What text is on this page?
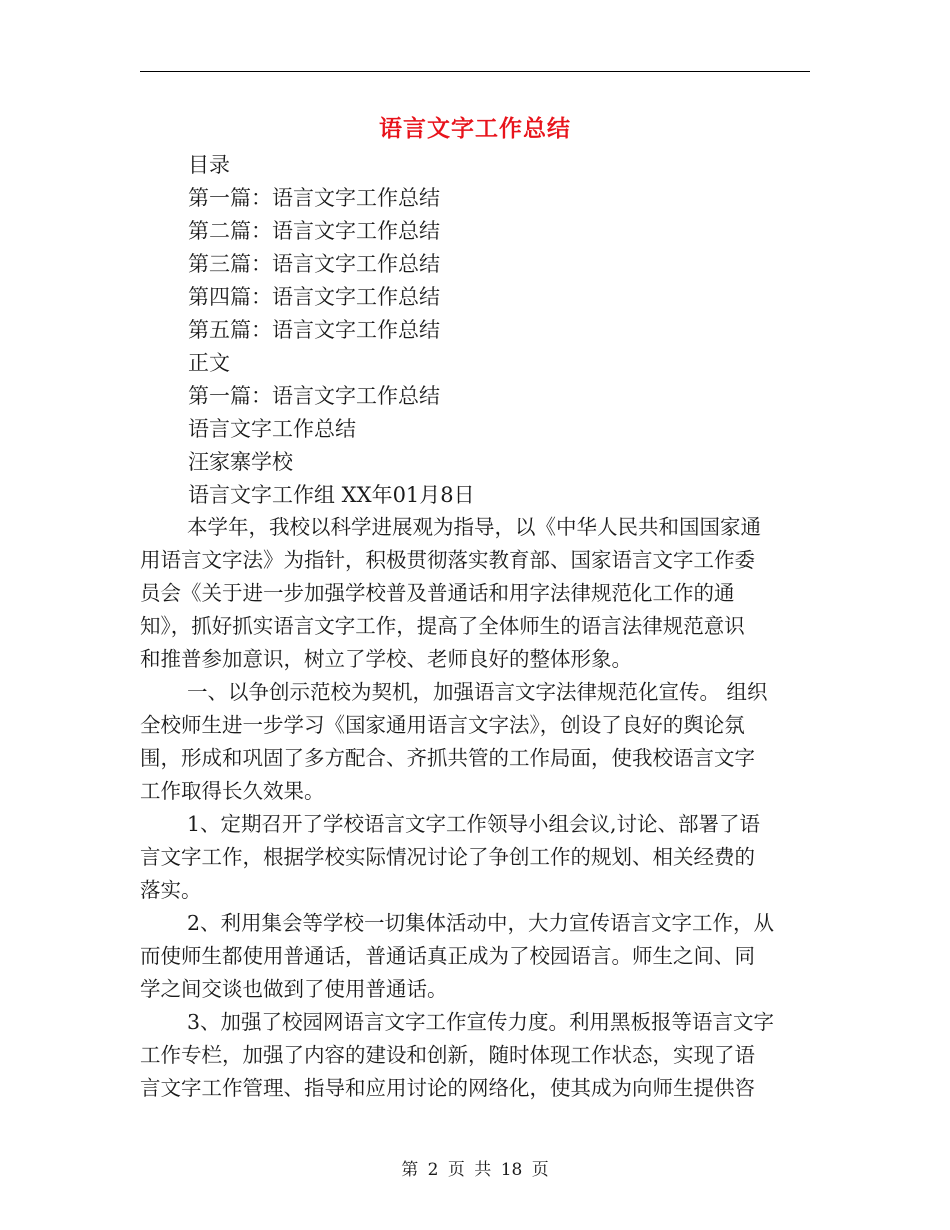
语言文字工作总结
目录
第一篇：语言文字工作总结
第二篇：语言文字工作总结
第三篇：语言文字工作总结
第四篇：语言文字工作总结
第五篇：语言文字工作总结
正文
第一篇：语言文字工作总结
语言文字工作总结
汪家寨学校
语言文字工作组 XX年01月8日
本学年，我校以科学进展观为指导，以《中华人民共和国国家通
用语言文字法》为指针，积极贯彻落实教育部、国家语言文字工作委
员会《关于进一步加强学校普及普通话和用字法律规范化工作的通
知》，抓好抓实语言文字工作，提高了全体师生的语言法律规范意识
和推普参加意识，树立了学校、老师良好的整体形象。
一、以争创示范校为契机，加强语言文字法律规范化宣传。 组织
全校师生进一步学习《国家通用语言文字法》，创设了良好的舆论氛
围，形成和巩固了多方配合、齐抓共管的工作局面，使我校语言文字
工作取得长久效果。
1、定期召开了学校语言文字工作领导小组会议,讨论、部署了语
言文字工作，根据学校实际情况讨论了争创工作的规划、相关经费的
落实。
2、利用集会等学校一切集体活动中，大力宣传语言文字工作，从
而使师生都使用普通话，普通话真正成为了校园语言。师生之间、同
学之间交谈也做到了使用普通话。
3、加强了校园网语言文字工作宣传力度。利用黑板报等语言文字
工作专栏，加强了内容的建设和创新，随时体现工作状态，实现了语
言文字工作管理、指导和应用讨论的网络化，使其成为向师生提供咨
第 2 页 共 18 页
